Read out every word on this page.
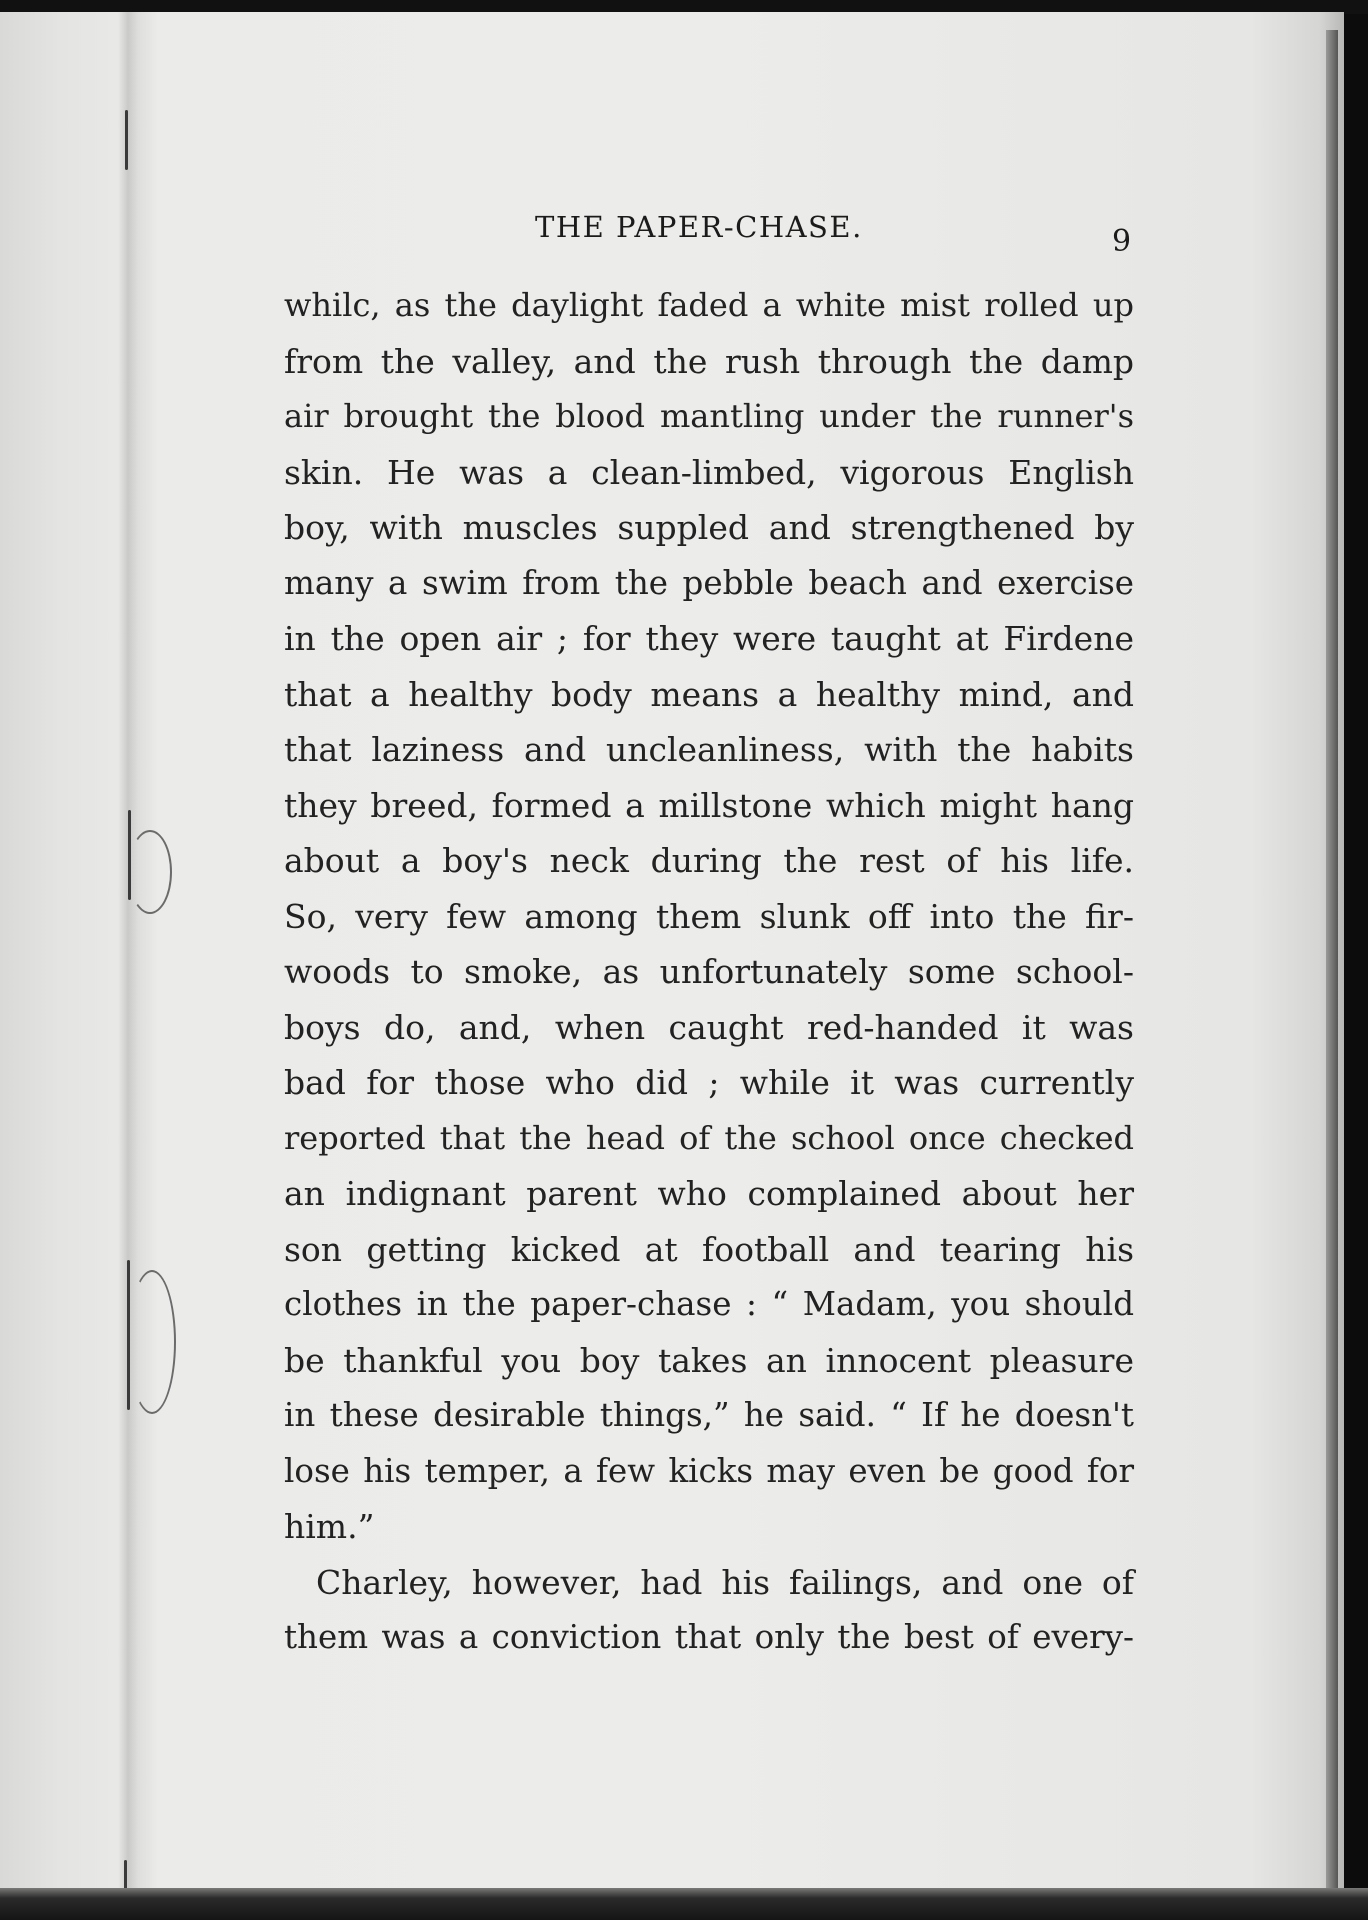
THE PAPER-CHASE.	9
whilc, as the daylight faded a white mist rolled up
from the valley, and the rush through the damp
air brought the blood mantling under the runner's
skin. He was a clean-limbed, vigorous English
boy, with muscles suppled and strengthened by
many a swim from the pebble beach and exercise
in the open air ; for they were taught at Firdene
that a healthy body means a healthy mind, and
that laziness and uncleanliness, with the habits
they breed, formed a millstone which might hang
about a boy's neck during the rest of his life.
So, very few among them slunk off into the fir-
woods to smoke, as unfortunately some school-
boys do, and, when caught red-handed it was
bad for those who did ; while it was currently
reported that the head of the school once checked
an indignant parent who complained about her
son getting kicked at football and tearing his
clothes in the paper-chase : “ Madam, you should
be thankful you boy takes an innocent pleasure
in these desirable things,” he said. “ If he doesn't
lose his temper, a few kicks may even be good for
him.”
Charley, however, had his failings, and one of
them was a conviction that only the best of every-
